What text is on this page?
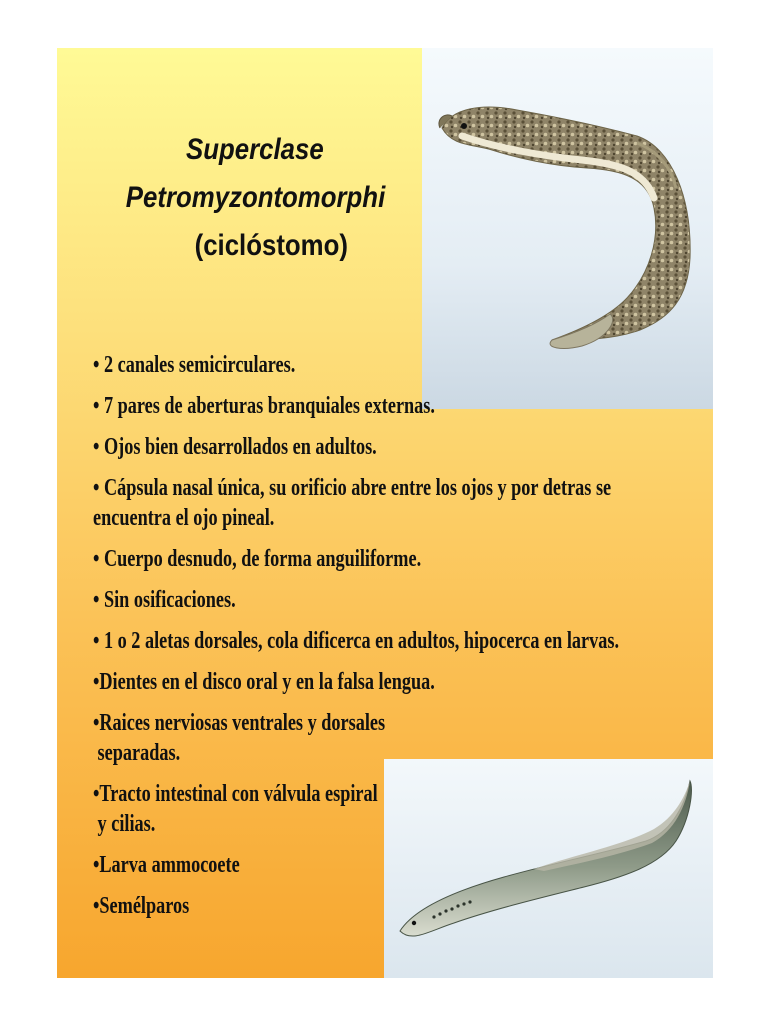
Superclase
Petromyzontomorphi
(ciclóstomo)
• 2 canales semicirculares.
• 7 pares de aberturas branquiales externas.
• Ojos bien desarrollados en adultos.
• Cápsula nasal única, su orificio abre entre los ojos y por detras se
encuentra el ojo pineal.
• Cuerpo desnudo, de forma anguiliforme.
• Sin osificaciones.
• 1 o 2 aletas dorsales, cola dificerca en adultos, hipocerca en larvas.
•Dientes en el disco oral y en la falsa lengua.
•Raices nerviosas ventrales y dorsales
separadas.
•Tracto intestinal con válvula espiral
y cilias.
•Larva ammocoete
•Semélparos
